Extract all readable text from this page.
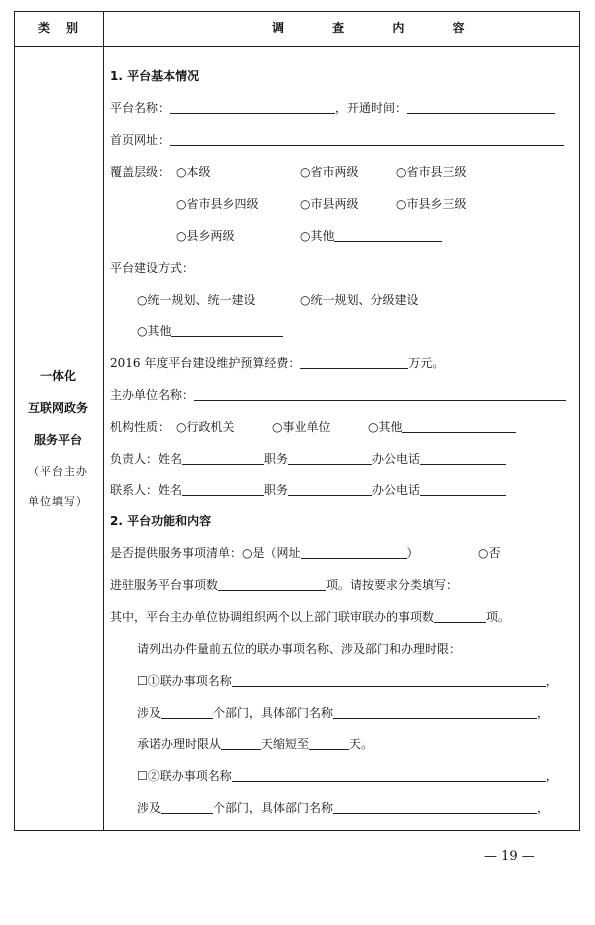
类　别	调 查 内 容
一体化
互联网政务
服务平台
（平台主办
单位填写）
1. 平台基本情况
平台名称：	，开通时间：
首页网址：
覆盖层级： ○本级	○省市两级	○省市县三级
○省市县乡四级	○市县两级	○市县乡三级
○县乡两级	○其他
平台建设方式：
○统一规划、统一建设	○统一规划、分级建设
○其他
2016 年度平台建设维护预算经费：	万元。
主办单位名称：
机构性质： ○行政机关	○事业单位	○其他
负责人：姓名	职务	办公电话
联系人：姓名	职务	办公电话
2. 平台功能和内容
是否提供服务事项清单：○是（网址	）	○否
进驻服务平台事项数	项。请按要求分类填写：
其中，平台主办单位协调组织两个以上部门联审联办的事项数	项。
请列出办件量前五位的联办事项名称、涉及部门和办理时限：
☐①联办事项名称	，
涉及	个部门，具体部门名称	，
承诺办理时限从	天缩短至	天。
☐②联办事项名称	，
涉及	个部门，具体部门名称	，
— 19 —
